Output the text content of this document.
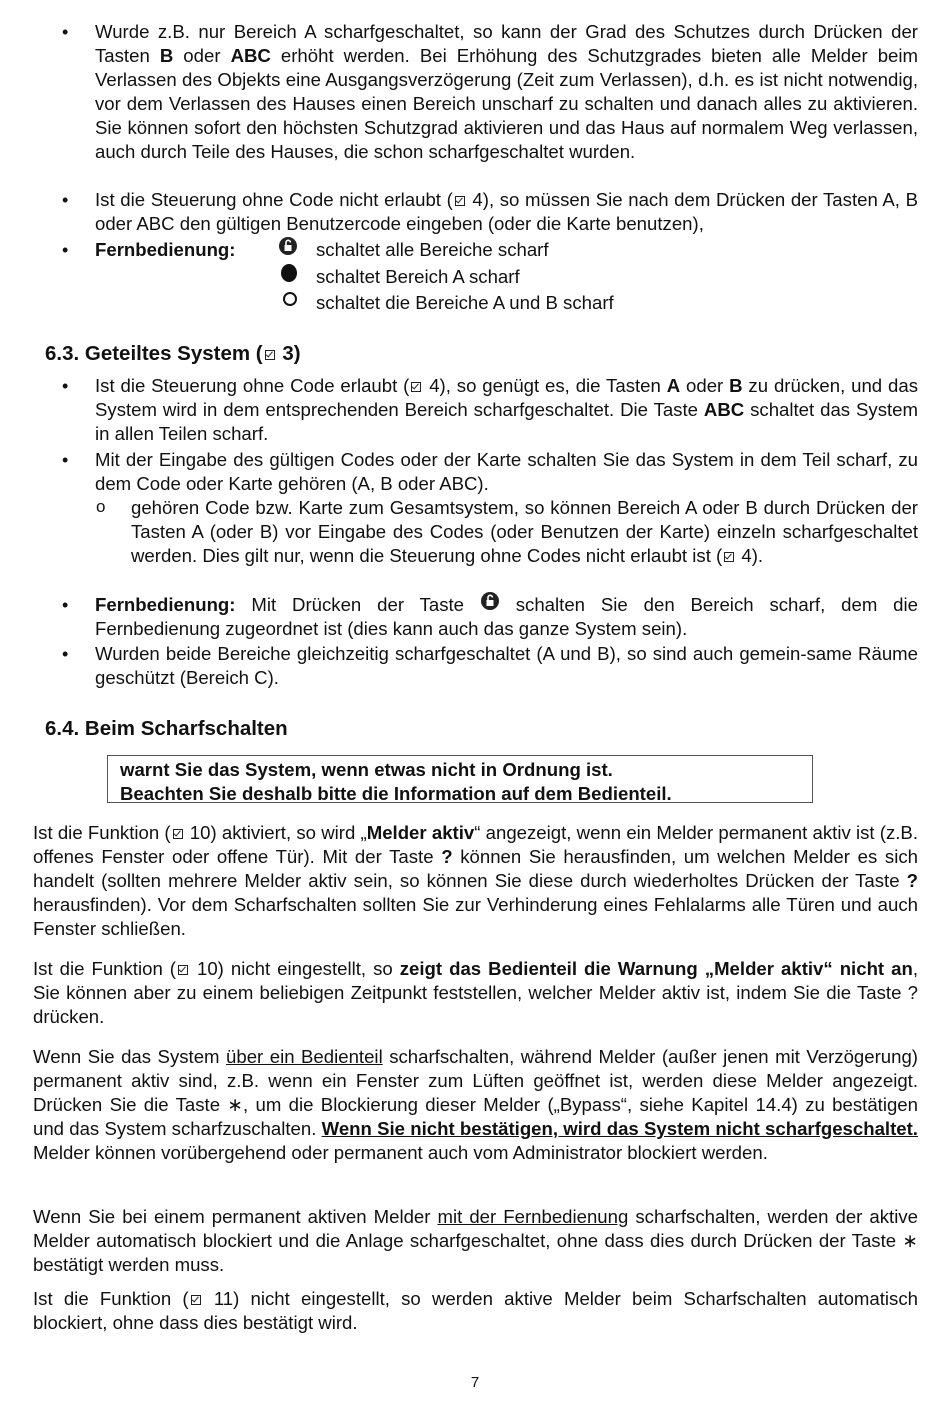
• Wurde z.B. nur Bereich A scharfgeschaltet, so kann der Grad des Schutzes durch Drücken der Tasten B oder ABC erhöht werden. Bei Erhöhung des Schutzgrades bieten alle Melder beim Verlassen des Objekts eine Ausgangsverzögerung (Zeit zum Verlassen), d.h. es ist nicht notwendig, vor dem Verlassen des Hauses einen Bereich unscharf zu schalten und danach alles zu aktivieren. Sie können sofort den höchsten Schutzgrad aktivieren und das Haus auf normalem Weg verlassen, auch durch Teile des Hauses, die schon scharfgeschaltet wurden.
• Ist die Steuerung ohne Code nicht erlaubt ( 4), so müssen Sie nach dem Drücken der Tasten A, B oder ABC den gültigen Benutzercode eingeben (oder die Karte benutzen),
• Fernbedienung:	schaltet alle Bereiche scharf
schaltet Bereich A scharf
schaltet die Bereiche A und B scharf
6.3. Geteiltes System ( 3)
• Ist die Steuerung ohne Code erlaubt ( 4), so genügt es, die Tasten A oder B zu drücken, und das System wird in dem entsprechenden Bereich scharfgeschaltet. Die Taste ABC schaltet das System in allen Teilen scharf.
• Mit der Eingabe des gültigen Codes oder der Karte schalten Sie das System in dem Teil scharf, zu dem Code oder Karte gehören (A, B oder ABC).
o gehören Code bzw. Karte zum Gesamtsystem, so können Bereich A oder B durch Drücken der Tasten A (oder B) vor Eingabe des Codes (oder Benutzen der Karte) einzeln scharfgeschaltet werden. Dies gilt nur, wenn die Steuerung ohne Codes nicht erlaubt ist ( 4).
• Fernbedienung: Mit Drücken der Taste  schalten Sie den Bereich scharf, dem die Fernbedienung zugeordnet ist (dies kann auch das ganze System sein).
• Wurden beide Bereiche gleichzeitig scharfgeschaltet (A und B), so sind auch gemein-same Räume geschützt (Bereich C).
6.4. Beim Scharfschalten
warnt Sie das System, wenn etwas nicht in Ordnung ist.
Beachten Sie deshalb bitte die Information auf dem Bedienteil.
Ist die Funktion ( 10) aktiviert, so wird „Melder aktiv“ angezeigt, wenn ein Melder permanent aktiv ist (z.B. offenes Fenster oder offene Tür). Mit der Taste ? können Sie herausfinden, um welchen Melder es sich handelt (sollten mehrere Melder aktiv sein, so können Sie diese durch wiederholtes Drücken der Taste ? herausfinden). Vor dem Scharfschalten sollten Sie zur Verhinderung eines Fehlalarms alle Türen und auch Fenster schließen.
Ist die Funktion ( 10) nicht eingestellt, so zeigt das Bedienteil die Warnung „Melder aktiv“ nicht an, Sie können aber zu einem beliebigen Zeitpunkt feststellen, welcher Melder aktiv ist, indem Sie die Taste ? drücken.
Wenn Sie das System über ein Bedienteil scharfschalten, während Melder (außer jenen mit Verzögerung) permanent aktiv sind, z.B. wenn ein Fenster zum Lüften geöffnet ist, werden diese Melder angezeigt. Drücken Sie die Taste ∗, um die Blockierung dieser Melder („Bypass“, siehe Kapitel 14.4) zu bestätigen und das System scharfzuschalten. Wenn Sie nicht bestätigen, wird das System nicht scharfgeschaltet. Melder können vorübergehend oder permanent auch vom Administrator blockiert werden.
Wenn Sie bei einem permanent aktiven Melder mit der Fernbedienung scharfschalten, werden der aktive Melder automatisch blockiert und die Anlage scharfgeschaltet, ohne dass dies durch Drücken der Taste ∗ bestätigt werden muss.
Ist die Funktion ( 11) nicht eingestellt, so werden aktive Melder beim Scharfschalten automatisch blockiert, ohne dass dies bestätigt wird.
7
